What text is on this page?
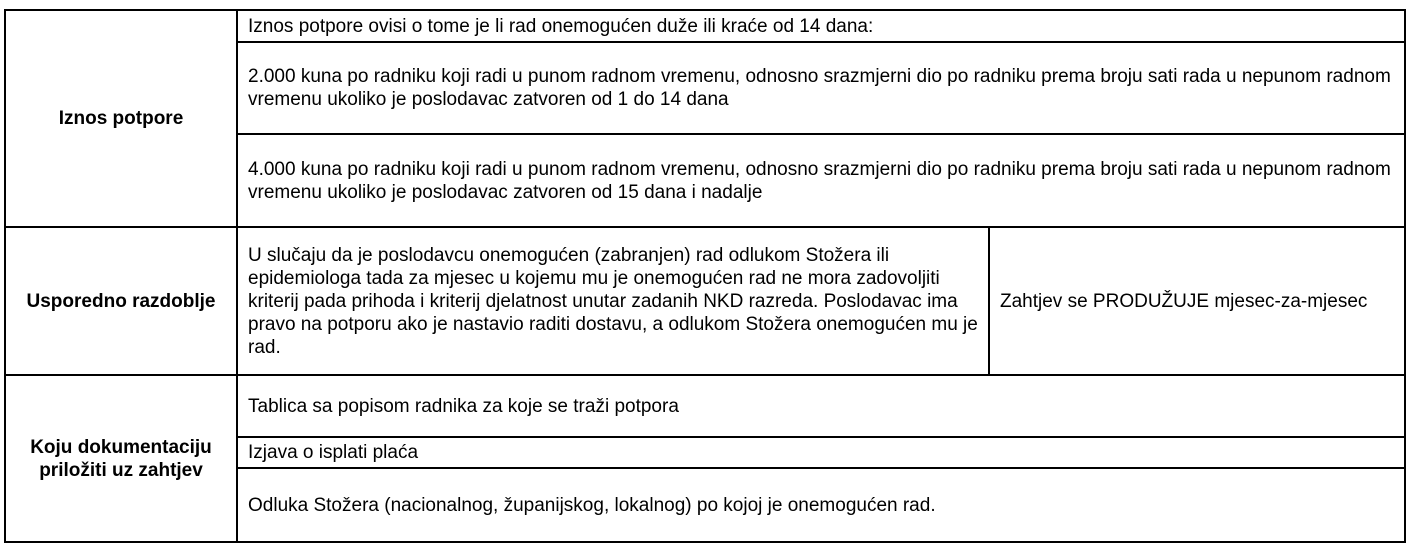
Iznos potpore	Iznos potpore ovisi o tome je li rad onemogućen duže ili kraće od 14 dana:	
	2.000 kuna po radniku koji radi u punom radnom vremenu, odnosno srazmjerni dio po radniku prema broju sati rada u nepunom radnom vremenu ukoliko je poslodavac zatvoren od 1 do 14 dana	
	4.000 kuna po radniku koji radi u punom radnom vremenu, odnosno srazmjerni dio po radniku prema broju sati rada u nepunom radnom vremenu ukoliko je poslodavac zatvoren od 15 dana i nadalje	
Usporedno razdoblje	U slučaju da je poslodavcu onemogućen (zabranjen) rad odlukom Stožera ili epidemiologa tada za mjesec u kojemu mu je onemogućen rad ne mora zadovoljiti kriterij pada prihoda i kriterij djelatnost unutar zadanih NKD razreda. Poslodavac ima pravo na potporu ako je nastavio raditi dostavu, a odlukom Stožera onemogućen mu je rad.	Zahtjev se PRODUŽUJE mjesec-za-mjesec
Koju dokumentaciju priložiti uz zahtjev	Tablica sa popisom radnika za koje se traži potpora	
	Izjava o isplati plaća	
	Odluka Stožera (nacionalnog, županijskog, lokalnog) po kojoj je onemogućen rad.	
